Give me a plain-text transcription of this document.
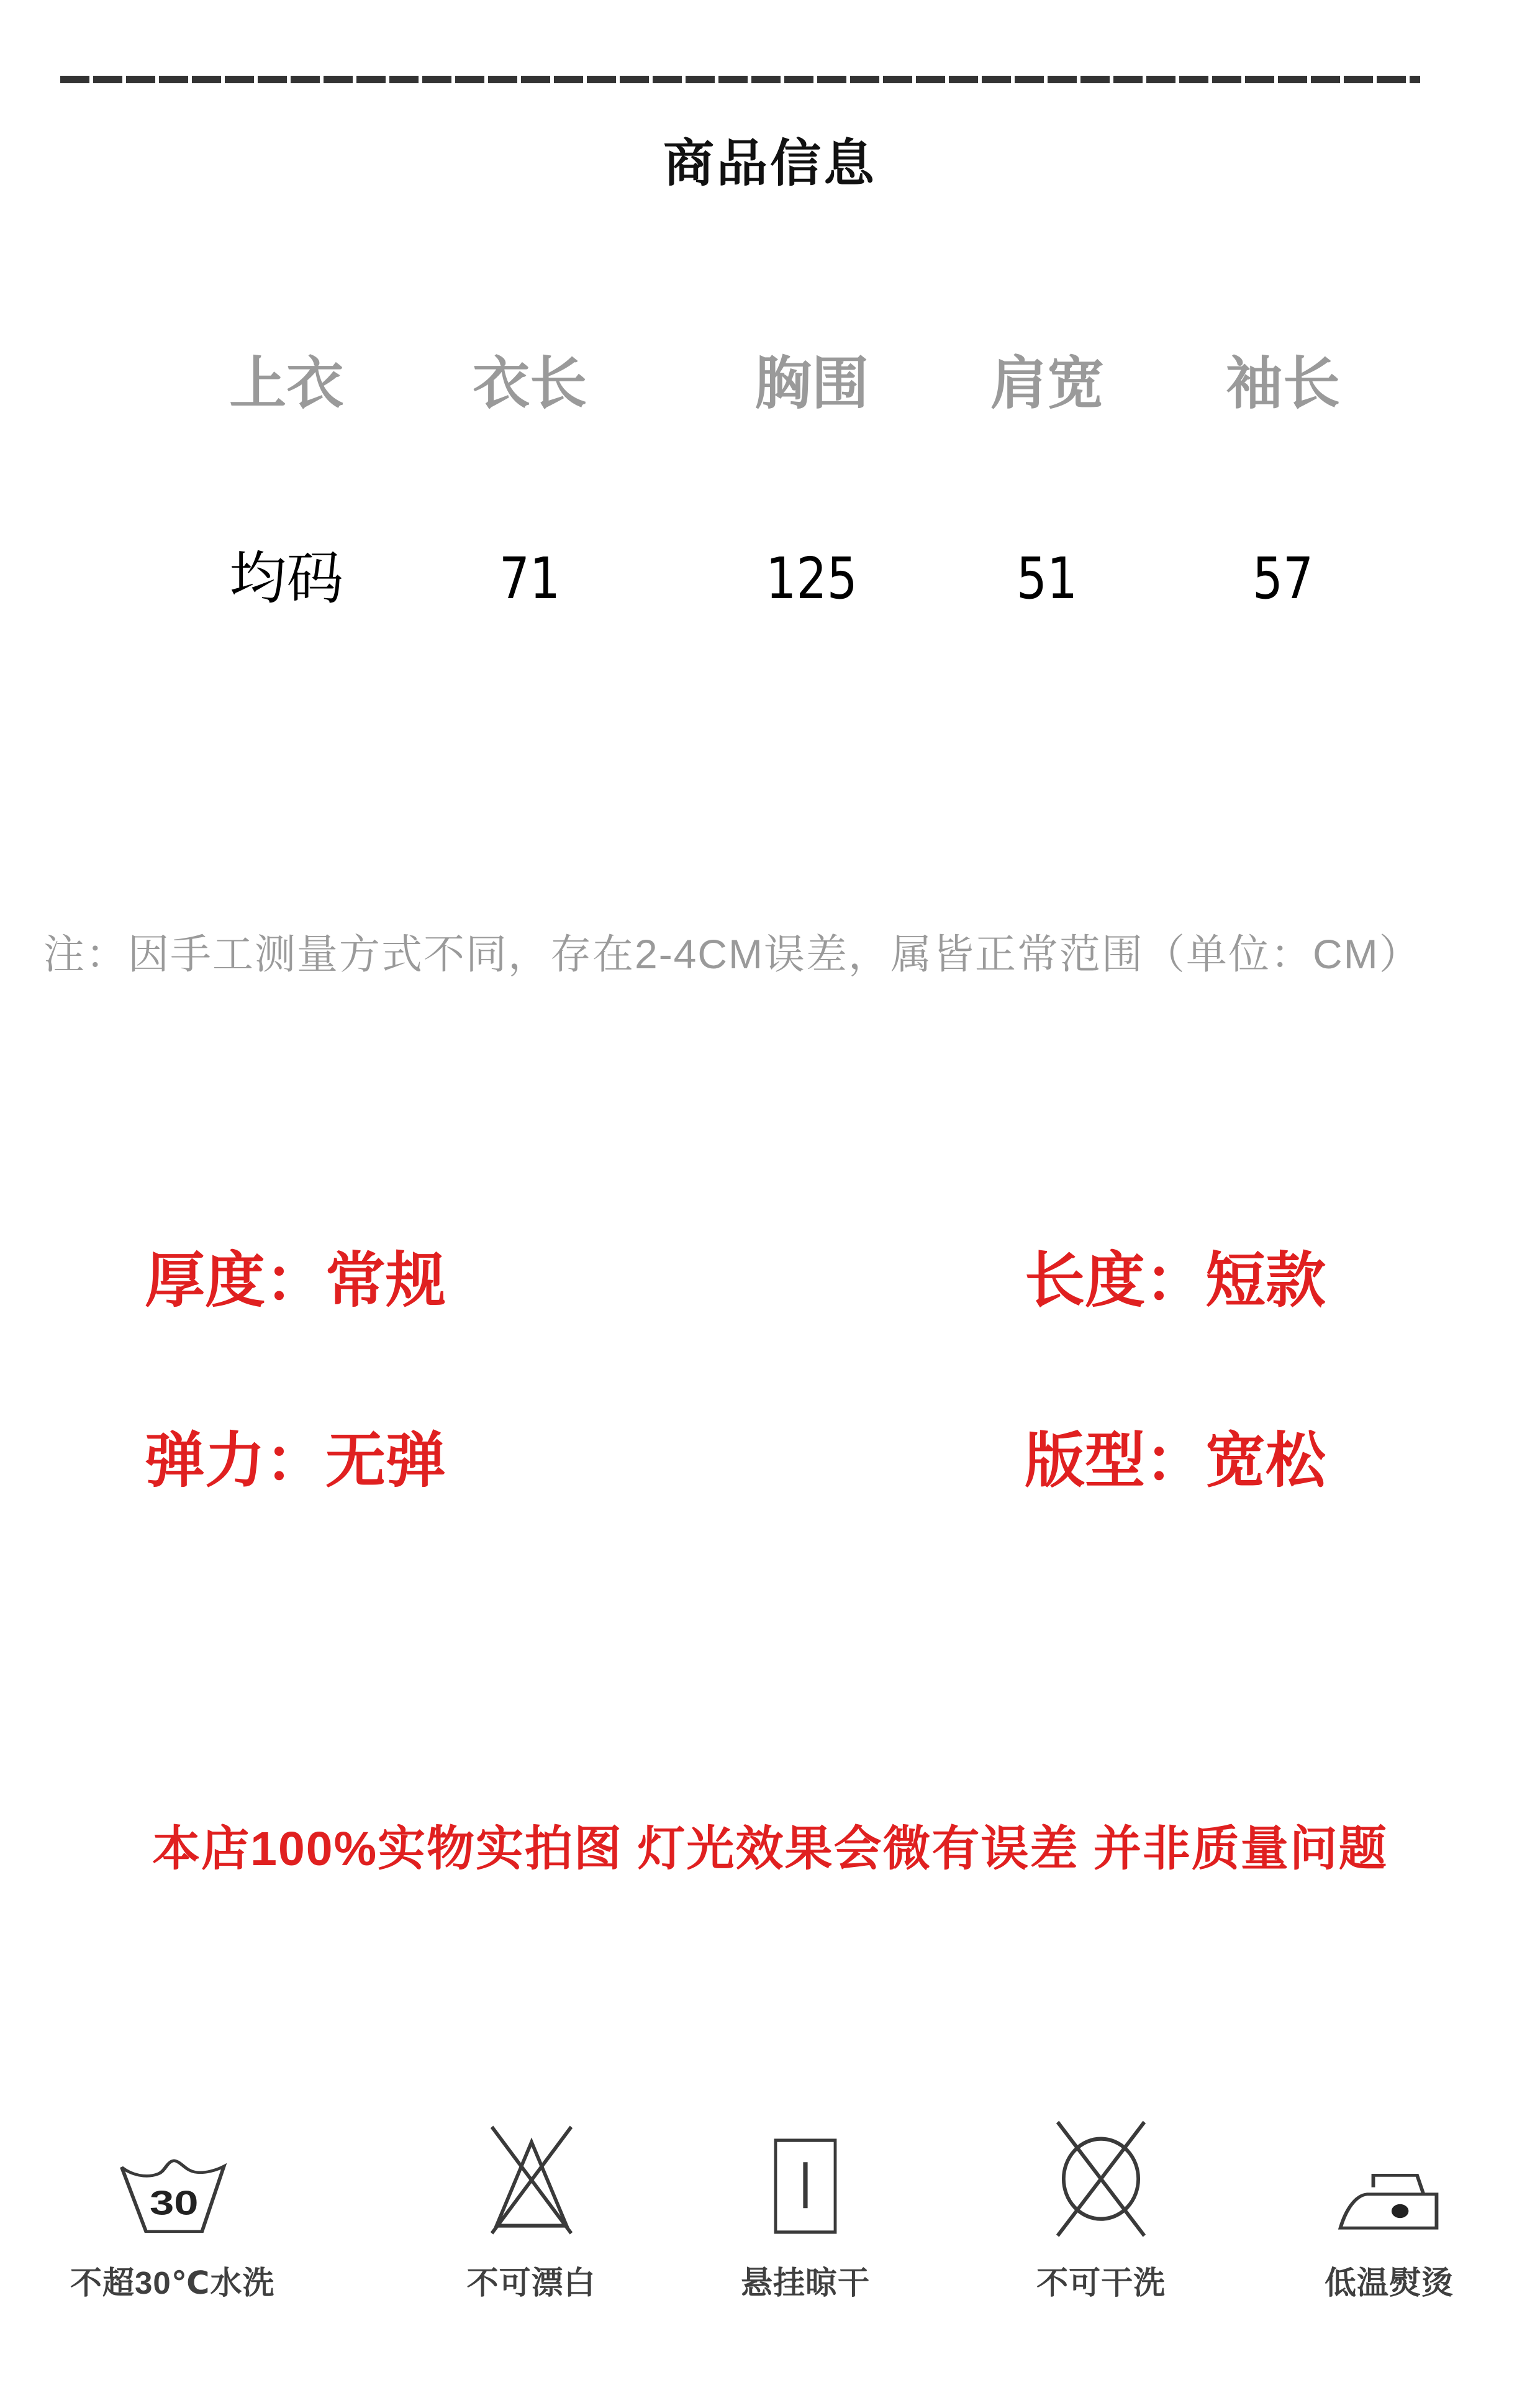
商品信息
上衣 衣长	胸围 肩宽 袖长
均码	71	125	51	57
注：因手工测量方式不同，存在2-4CM误差，属皆正常范围（单位：CM）
厚度：常规	长度：短款
弹力：无弹	版型：宽松
本店100%实物实拍图 灯光效果会微有误差 并非质量问题
30
不超30℃水洗	不可漂白	悬挂晾干	不可干洗	低温熨烫
